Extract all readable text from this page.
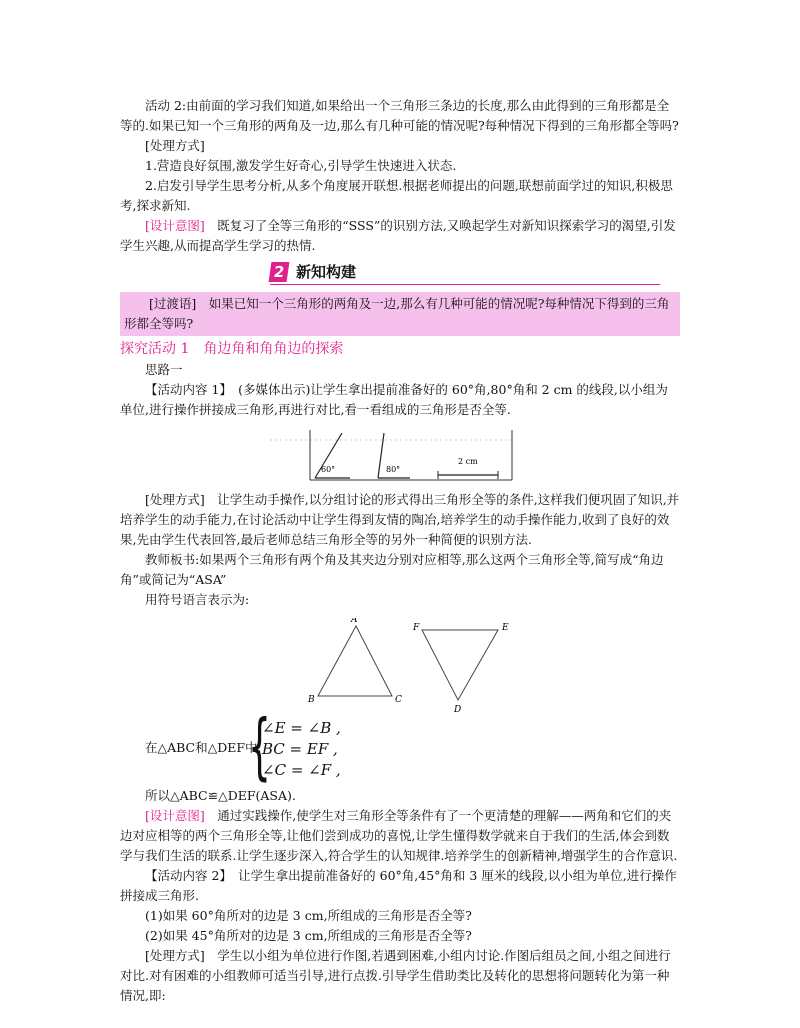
活动 2:由前面的学习我们知道,如果给出一个三角形三条边的长度,那么由此得到的三角形都是全等的.如果已知一个三角形的两角及一边,那么有几种可能的情况呢?每种情况下得到的三角形都全等吗?

[处理方式]

1.营造良好氛围,激发学生好奇心,引导学生快速进入状态.

2.启发引导学生思考分析,从多个角度展开联想.根据老师提出的问题,联想前面学过的知识,积极思考,探求新知.

[设计意图]　 既复习了全等三角形的“SSS”的识别方法,又唤起学生对新知识探索学习的渴望,引发学生兴趣,从而提高学生学习的热情.

2 新知构建

[过渡语]　如果已知一个三角形的两角及一边,那么有几种可能的情况呢?每种情况下得到的三角形都全等吗?

探究活动 1　角边角和角角边的探索

思路一

【活动内容 1】　(多媒体出示)让学生拿出提前准备好的 60°角,80°角和 2 cm 的线段,以小组为单位,进行操作拼接成三角形,再进行对比,看一看组成的三角形是否全等.

60°	80°
2 cm

[处理方式]　让学生动手操作,以分组讨论的形式得出三角形全等的条件,这样我们便巩固了知识,并培养学生的动手能力,在讨论活动中让学生得到友情的陶冶,培养学生的动手操作能力,收到了良好的效果,先由学生代表回答,最后老师总结三角形全等的另外一种简便的识别方法.

教师板书:如果两个三角形有两个角及其夹边分别对应相等,那么这两个三角形全等,简写成“角边角”或简记为“ASA”

用符号语言表示为:

A
B	C
F	E
D
在△ABC和△DEF中,
{
∠E = ∠B ,
BC = EF ,
∠C = ∠F ,

所以△ABC≌△DEF(ASA).

[设计意图]　通过实践操作,使学生对三角形全等条件有了一个更清楚的理解——两角和它们的夹边对应相等的两个三角形全等,让他们尝到成功的喜悦,让学生懂得数学就来自于我们的生活,体会到数学与我们生活的联系.让学生逐步深入,符合学生的认知规律.培养学生的创新精神,增强学生的合作意识.

【活动内容 2】　让学生拿出提前准备好的 60°角,45°角和 3 厘米的线段,以小组为单位,进行操作拼接成三角形.

(1)如果 60°角所对的边是 3 cm,所组成的三角形是否全等?

(2)如果 45°角所对的边是 3 cm,所组成的三角形是否全等?

[处理方式]　学生以小组为单位进行作图,若遇到困难,小组内讨论.作图后组员之间,小组之间进行对比.对有困难的小组教师可适当引导,进行点拨.引导学生借助类比及转化的思想将问题转化为第一种情况,即:
